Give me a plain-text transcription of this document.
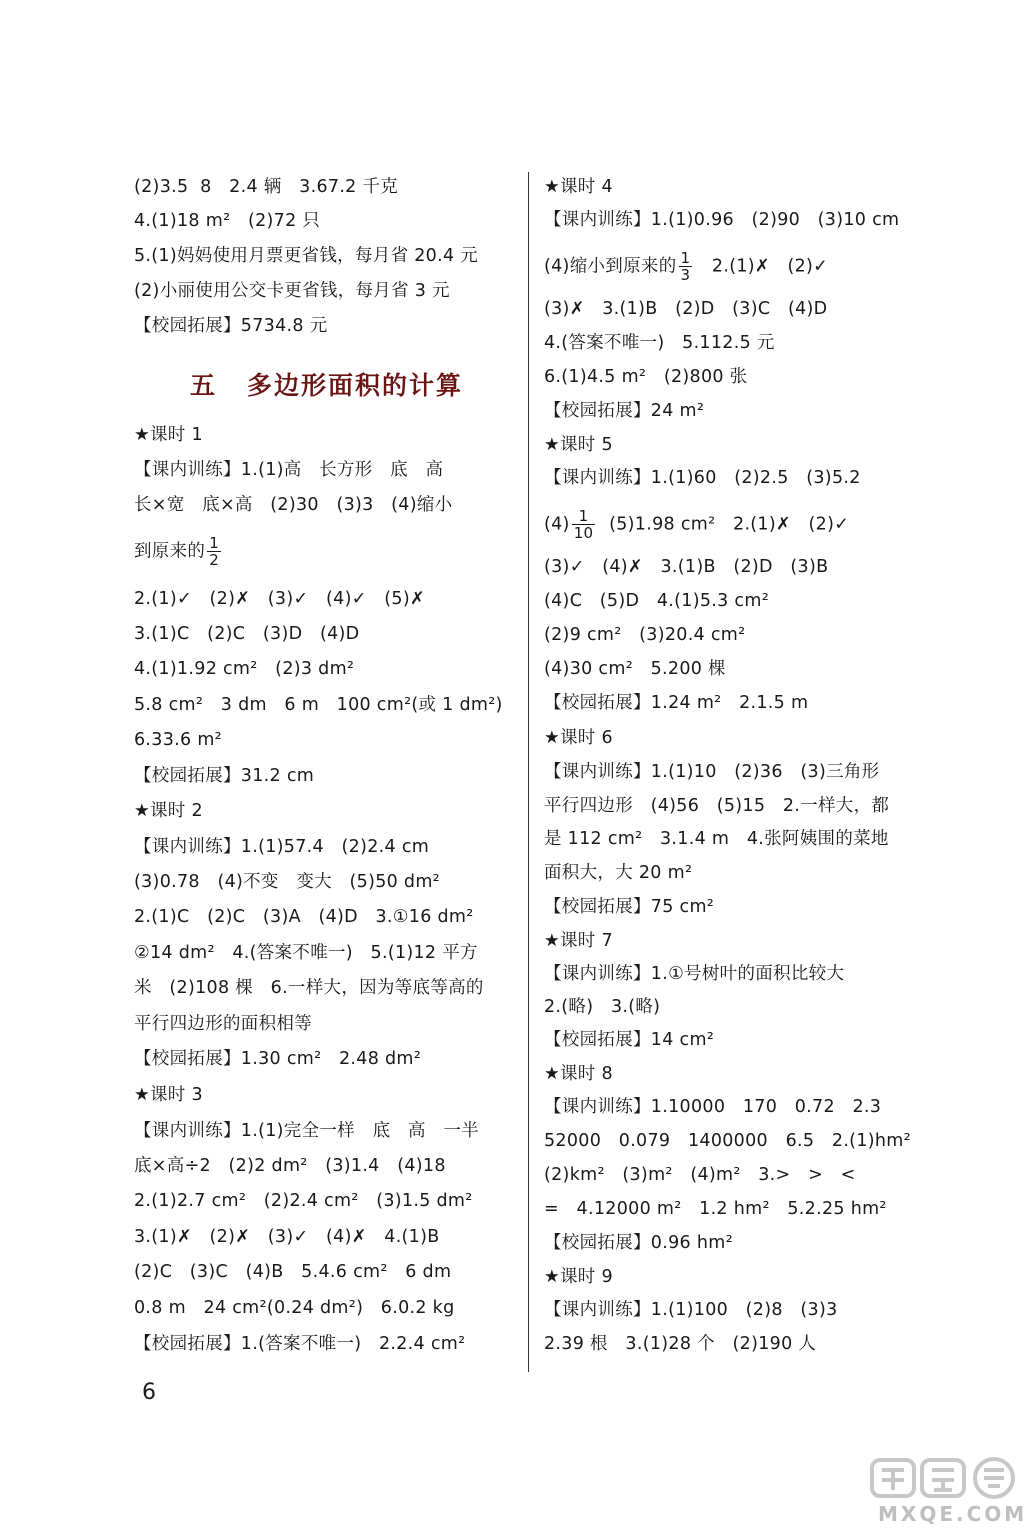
(2)3.5  8   2.4 辆   3.67.2 千克
4.(1)18 m²   (2)72 只
5.(1)妈妈使用月票更省钱，每月省 20.4 元
(2)小丽使用公交卡更省钱，每月省 3 元
【校园拓展】5734.8 元
五 多边形面积的计算
★课时 1
【课内训练】1.(1)高   长方形   底   高
长×宽   底×高   (2)30   (3)3   (4)缩小
到原来的 $\frac{1}{2}$
2.(1)✓   (2)✗   (3)✓   (4)✓   (5)✗
3.(1)C   (2)C   (3)D   (4)D
4.(1)1.92 cm²   (2)3 dm²
5.8 cm²   3 dm   6 m   100 cm²(或 1 dm²)
6.33.6 m²
【校园拓展】31.2 cm
★课时 2
【课内训练】1.(1)57.4   (2)2.4 cm
(3)0.78   (4)不变   变大   (5)50 dm²
2.(1)C   (2)C   (3)A   (4)D   3.①16 dm²
②14 dm²   4.(答案不唯一)   5.(1)12 平方
米   (2)108 棵   6.一样大，因为等底等高的
平行四边形的面积相等
【校园拓展】1.30 cm²   2.48 dm²
★课时 3
【课内训练】1.(1)完全一样   底   高   一半
底×高÷2   (2)2 dm²   (3)1.4   (4)18
2.(1)2.7 cm²   (2)2.4 cm²   (3)1.5 dm²
3.(1)✗   (2)✗   (3)✓   (4)✗   4.(1)B
(2)C   (3)C   (4)B   5.4.6 cm²   6 dm
0.8 m   24 cm²(0.24 dm²)   6.0.2 kg
【校园拓展】1.(答案不唯一)   2.2.4 cm²
★课时 4
【课内训练】1.(1)0.96   (2)90   (3)10 cm
(4)缩小到原来的 $\frac{1}{3}$ 2.(1)✗   (2)✓
(3)✗   3.(1)B   (2)D   (3)C   (4)D
4.(答案不唯一)   5.112.5 元
6.(1)4.5 m²   (2)800 张
【校园拓展】24 m²
★课时 5
【课内训练】1.(1)60   (2)2.5   (3)5.2
$(4) \frac{1}{10} (5)1.98$ cm²   2.(1)✗   (2)✓
(3)✓   (4)✗   3.(1)B   (2)D   (3)B
(4)C   (5)D   4.(1)5.3 cm²
(2)9 cm²   (3)20.4 cm²
(4)30 cm²   5.200 棵
【校园拓展】1.24 m²   2.1.5 m
★课时 6
【课内训练】1.(1)10   (2)36   (3)三角形
平行四边形   (4)56   (5)15   2.一样大，都
是 112 cm²   3.1.4 m   4.张阿姨围的菜地
面积大，大 20 m²
【校园拓展】75 cm²
★课时 7
【课内训练】1.①号树叶的面积比较大
2.(略)   3.(略)
【校园拓展】14 cm²
★课时 8
【课内训练】1.10000   170   0.72   2.3
52000   0.079   1400000   6.5   2.(1)hm²
(2)km²   (3)m²   (4)m²   3.>   >   <
=   4.12000 m²   1.2 hm²   5.2.25 hm²
【校园拓展】0.96 hm²
★课时 9
【课内训练】1.(1)100   (2)8   (3)3
2.39 根   3.(1)28 个   (2)190 人
6
MXQE.COM
